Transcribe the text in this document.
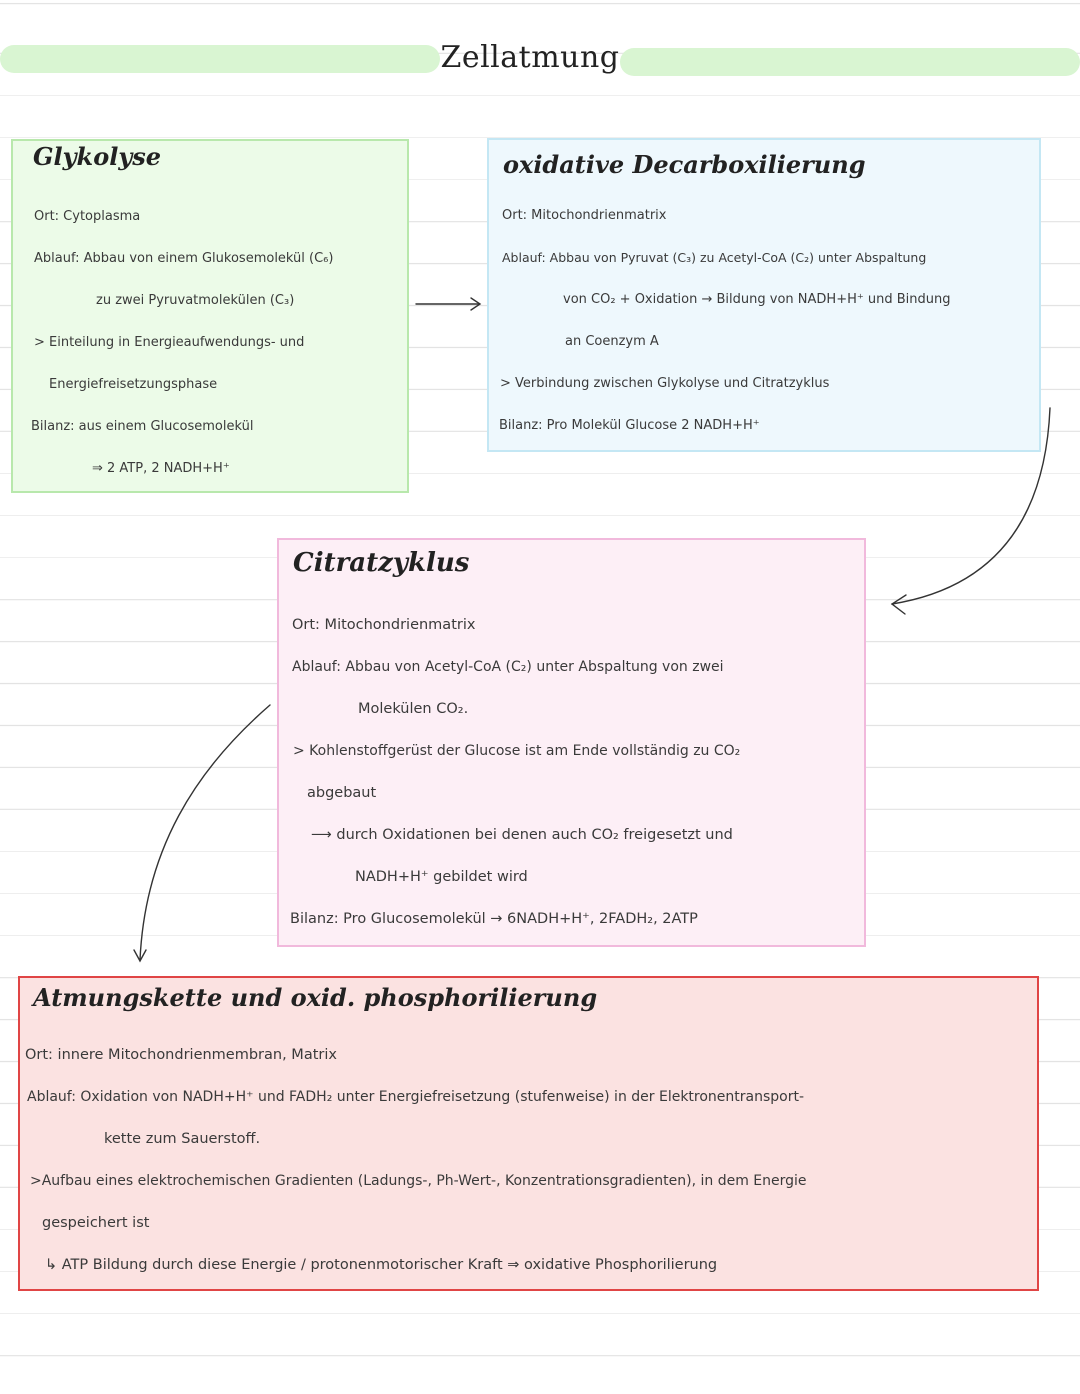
Zellatmung
Glykolyse
Ort: Cytoplasma
Ablauf: Abbau von einem Glukosemolekül (C₆)
zu zwei Pyruvatmolekülen (C₃)
> Einteilung in Energieaufwendungs- und
Energiefreisetzungsphase
Bilanz: aus einem Glucosemolekül
⇒ 2 ATP, 2 NADH+H⁺
oxidative Decarboxilierung
Ort: Mitochondrienmatrix
Ablauf: Abbau von Pyruvat (C₃) zu Acetyl-CoA (C₂) unter Abspaltung
von CO₂ + Oxidation → Bildung von NADH+H⁺ und Bindung
an Coenzym A
> Verbindung zwischen Glykolyse und Citratzyklus
Bilanz: Pro Molekül Glucose 2 NADH+H⁺
Citratzyklus
Ort: Mitochondrienmatrix
Ablauf: Abbau von Acetyl-CoA (C₂) unter Abspaltung von zwei
Molekülen CO₂.
> Kohlenstoffgerüst der Glucose ist am Ende vollständig zu CO₂
abgebaut
⟶ durch Oxidationen bei denen auch CO₂ freigesetzt und
NADH+H⁺ gebildet wird
Bilanz: Pro Glucosemolekül → 6NADH+H⁺, 2FADH₂, 2ATP
Atmungskette und oxid. phosphorilierung
Ort: innere Mitochondrienmembran, Matrix
Ablauf: Oxidation von NADH+H⁺ und FADH₂ unter Energiefreisetzung (stufenweise) in der Elektronentransport-
kette zum Sauerstoff.
>Aufbau eines elektrochemischen Gradienten (Ladungs-, Ph-Wert-, Konzentrationsgradienten), in dem Energie
gespeichert ist
↳ ATP Bildung durch diese Energie / protonenmotorischer Kraft ⇒ oxidative Phosphorilierung
